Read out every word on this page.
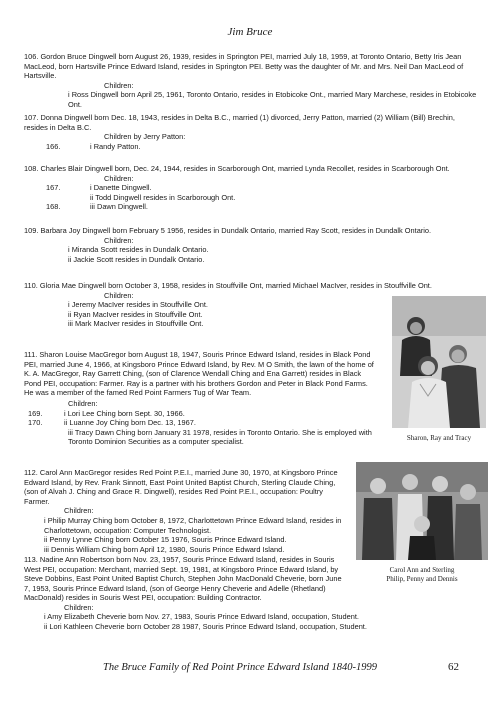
Jim Bruce

106. Gordon Bruce Dingwell born August 26, 1939, resides in Springton PEI, married July 18, 1959, at Toronto Ontario, Betty Iris Jean MacLeod, born Hartsville Prince Edward Island, resides in Springton PEI. Betty was the daughter of Mr. and Mrs. Neil Dan MacLeod of Hartsville.

Children:

i Ross Dingwell born April 25, 1961, Toronto Ontario, resides in Etobicoke Ont., married Mary Marchese, resides in Etobicoke Ont.

107. Donna Dingwell born Dec. 18, 1943, resides in Delta B.C., married (1) divorced, Jerry Patton, married (2) William (Bill) Brechin, resides in Delta B.C.

Children by Jerry Patton:

166.	i Randy Patton.

108. Charles Blair Dingwell born, Dec. 24, 1944, resides in Scarborough Ont, married Lynda Recollet, resides in Scarborough Ont.

Children:

167.	i Danette Dingwell.

ii Todd Dingwell resides in Scarborough Ont.

168.	iii Dawn Dingwell.

109. Barbara Joy Dingwell born February 5 1956, resides in Dundalk Ontario, married Ray Scott, resides in Dundalk Ontario.

Children:

i Miranda Scott resides in Dundalk Ontario.

ii Jackie Scott resides in Dundalk Ontario.

110. Gloria Mae Dingwell born October 3, 1958, resides in Stouffville Ont, married Michael MacIver, resides in Stouffville Ont.

Children:

i Jeremy MacIver resides in Stouffville Ont.

ii Ryan MacIver resides in Stouffville Ont.

iii Mark MacIver resides in Stouffville Ont.

Sharon, Ray and Tracy

111. Sharon Louise MacGregor born August 18, 1947, Souris Prince Edward Island, resides in Black Pond PEI, married June 4, 1966, at Kingsboro Prince Edward Island, by Rev. M O Smith, the lawn of the home of K. A. MacGregor, Ray Garrett Ching, (son of Clarence Wendall Ching and Ena Garrett) resides in Black Pond PEI, occupation: Farmer. Ray is a partner with his brothers Gordon and Peter in Black Pond Farms. He was a member of the famed Red Point Farmers Tug of War Team.

Children:

169.	i Lori Lee Ching born Sept. 30, 1966.

170.	ii Luanne Joy Ching born Dec. 13, 1967.

iii Tracy Dawn Ching born January 31 1978, resides in Toronto Ontario. She is employed with Toronto Dominion Securities as a computer specialist.

Carol Ann and Sterling
Philip, Penny and Dennis

112. Carol Ann MacGregor resides Red Point P.E.I., married June 30, 1970, at Kingsboro Prince Edward Island, by Rev. Frank Sinnott, East Point United Baptist Church, Sterling Claude Ching, (son of Alvah J. Ching and Grace R. Dingwell), resides Red Point P.E.I., occupation: Poultry Farmer.

Children:

i Philip Murray Ching born October 8, 1972, Charlottetown Prince Edward Island, resides in Charlottetown, occupation: Computer Technologist.

ii Penny Lynne Ching born October 15 1976, Souris Prince Edward Island.

iii Dennis William Ching born April 12, 1980, Souris Prince Edward Island.

113. Nadine Ann Robertson born Nov. 23, 1957, Souris Prince Edward Island, resides in Souris West PEI, occupation: Merchant, married Sept. 19, 1981, at Kingsboro Prince Edward Island, by Steve Dobbins, East Point United Baptist Church, Stephen John MacDonald Cheverie, born June 7, 1953, Souris Prince Edward Island, (son of George Henry Cheverie and Adelle (Rhetland) MacDonald) resides in Souris West PEI, occupation: Building Contractor.

Children:

i Amy Elizabeth Cheverie born Nov. 27, 1983, Souris Prince Edward Island, occupation, Student.

ii Lori Kathleen Cheverie born October 28 1987, Souris Prince Edward Island, occupation, Student.

The Bruce Family of Red Point Prince Edward Island 1840-1999	62
